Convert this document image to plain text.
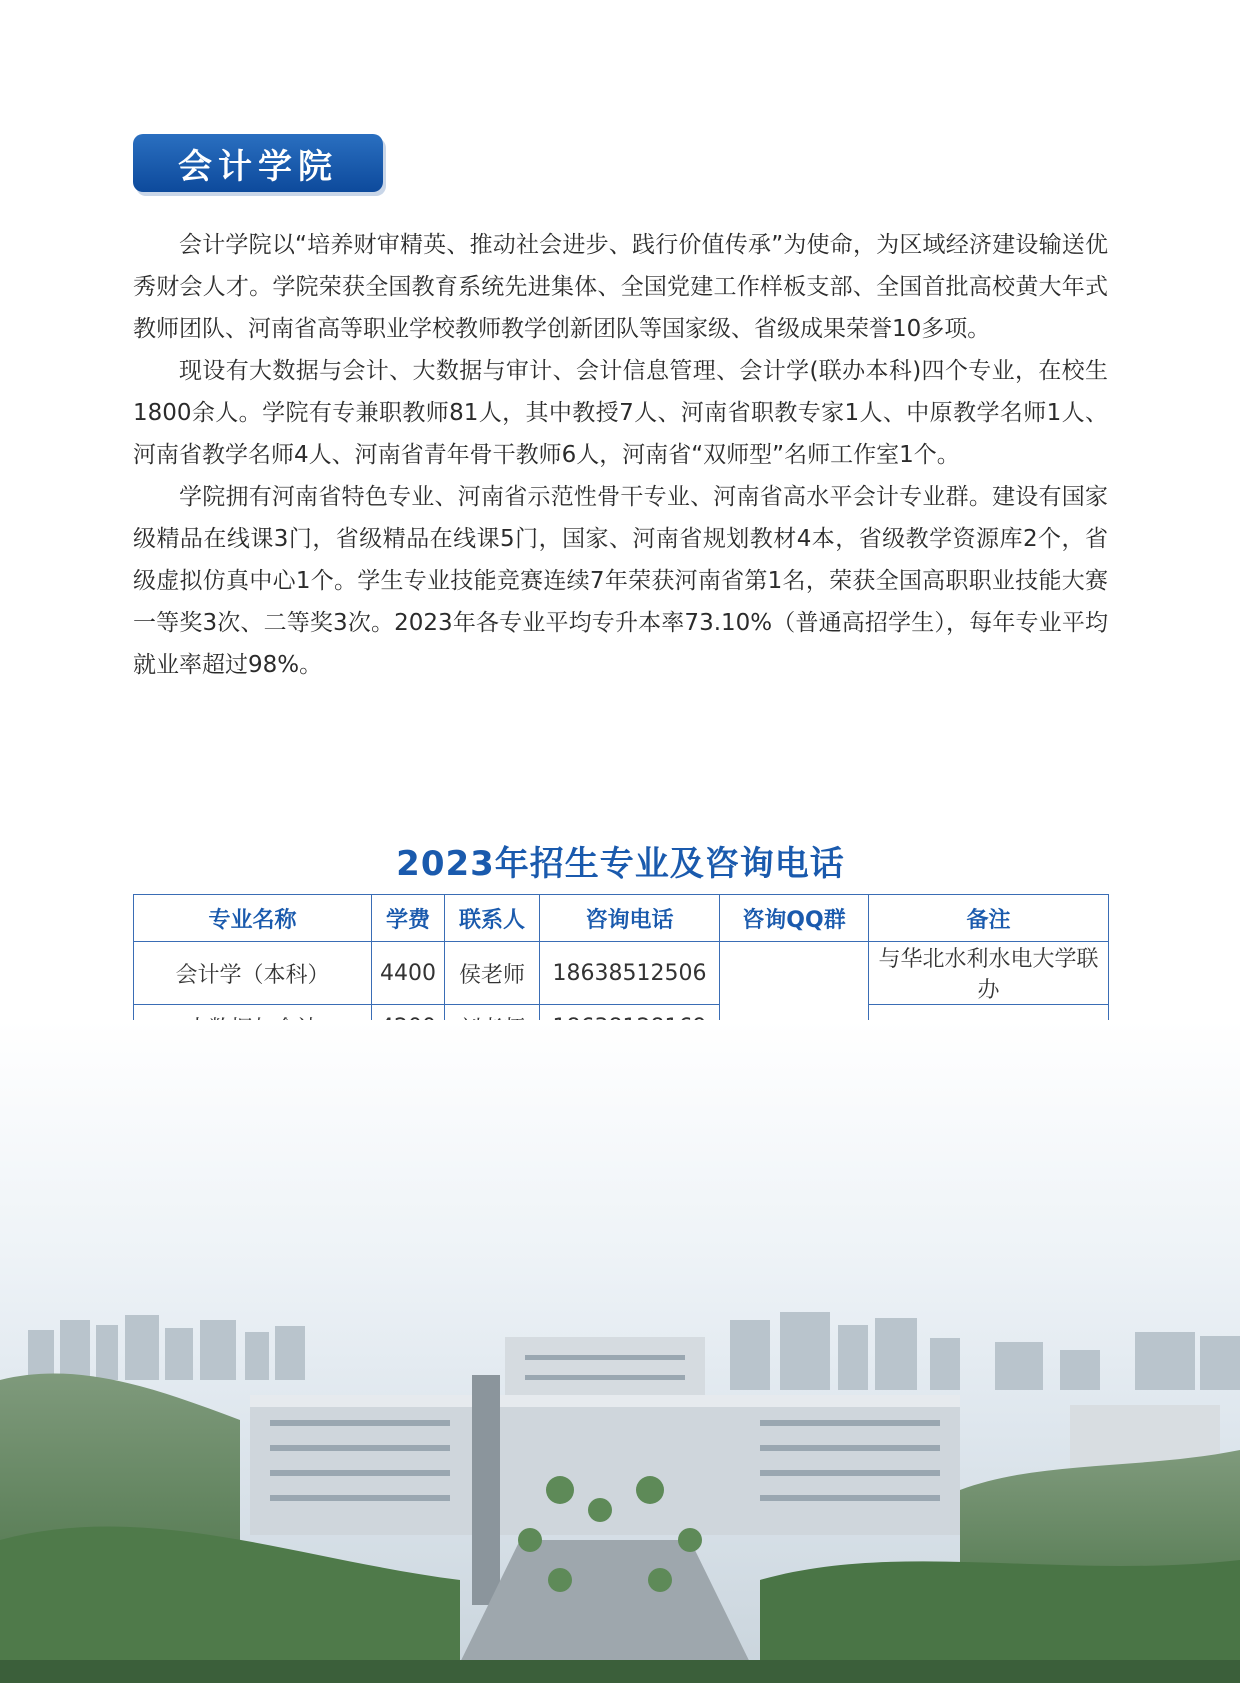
会计学院

会计学院以“培养财审精英、推动社会进步、践行价值传承”为使命，为区域经济建设输送优秀财会人才。学院荣获全国教育系统先进集体、全国党建工作样板支部、全国首批高校黄大年式教师团队、河南省高等职业学校教师教学创新团队等国家级、省级成果荣誉10多项。

现设有大数据与会计、大数据与审计、会计信息管理、会计学(联办本科)四个专业，在校生1800余人。学院有专兼职教师81人，其中教授7人、河南省职教专家1人、中原教学名师1人、河南省教学名师4人、河南省青年骨干教师6人，河南省“双师型”名师工作室1个。

学院拥有河南省特色专业、河南省示范性骨干专业、河南省高水平会计专业群。建设有国家级精品在线课3门，省级精品在线课5门，国家、河南省规划教材4本，省级教学资源库2个，省级虚拟仿真中心1个。学生专业技能竞赛连续7年荣获河南省第1名，荣获全国高职职业技能大赛一等奖3次、二等奖3次。2023年各专业平均专升本率73.10%（普通高招学生），每年专业平均就业率超过98%。

2023年招生专业及咨询电话
专业名称	学费	联系人	咨询电话	咨询QQ群	备注
会计学（本科）	4400	侯老师	18638512506		与华北水利水电大学联办
